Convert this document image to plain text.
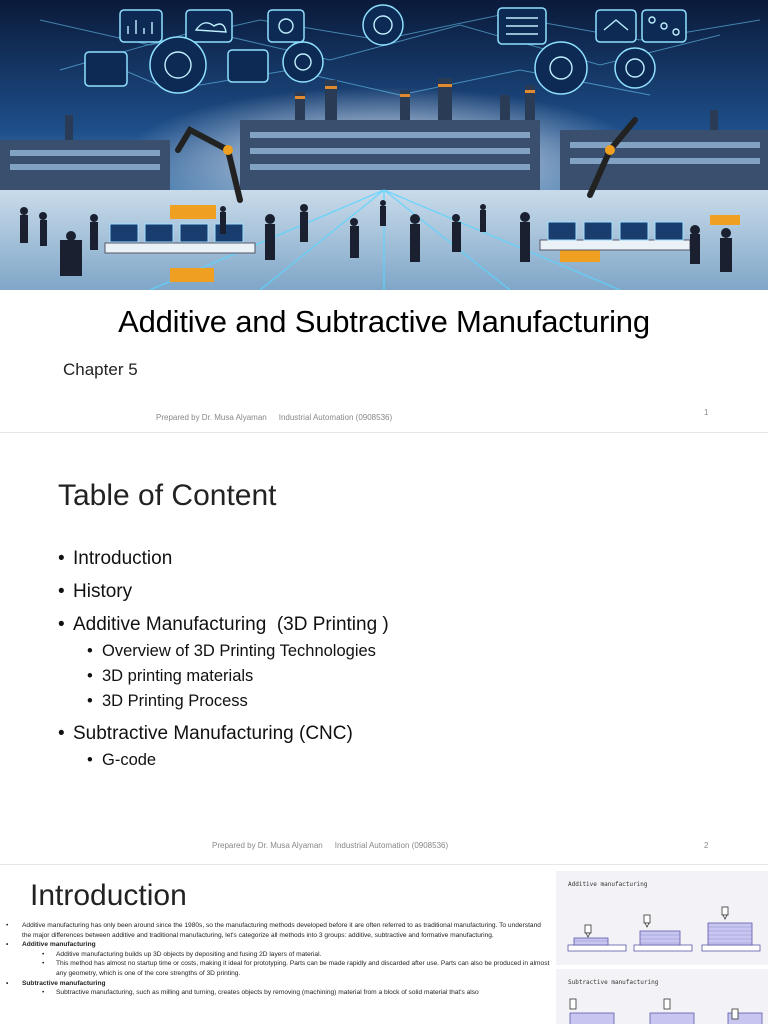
Additive and Subtractive Manufacturing
Chapter 5
Prepared by Dr. Musa Alyaman Industrial Automation (0908536)
1
Table of Content
• Introduction
• History
• Additive Manufacturing  (3D Printing )
• Overview of 3D Printing Technologies
• 3D printing materials
• 3D Printing Process
• Subtractive Manufacturing (CNC)
• G-code
Prepared by Dr. Musa Alyaman Industrial Automation (0908536)	2
Introduction
• Additive manufacturing has only been around since the 1980s, so the manufacturing methods developed before it are often referred to as traditional manufacturing. To understand the major differences between additive and traditional manufacturing, let's categorize all methods into 3 groups: additive, subtractive and formative manufacturing.
• Additive manufacturing
• Additive manufacturing builds up 3D objects by depositing and fusing 2D layers of material.
• This method has almost no startup time or costs, making it ideal for prototyping. Parts can be made rapidly and discarded after use. Parts can also be produced in almost any geometry, which is one of the core strengths of 3D printing.
• Subtractive manufacturing
• Subtractive manufacturing, such as milling and turning, creates objects by removing (machining) material from a block of solid material that's also
Additive manufacturing
Subtractive manufacturing
